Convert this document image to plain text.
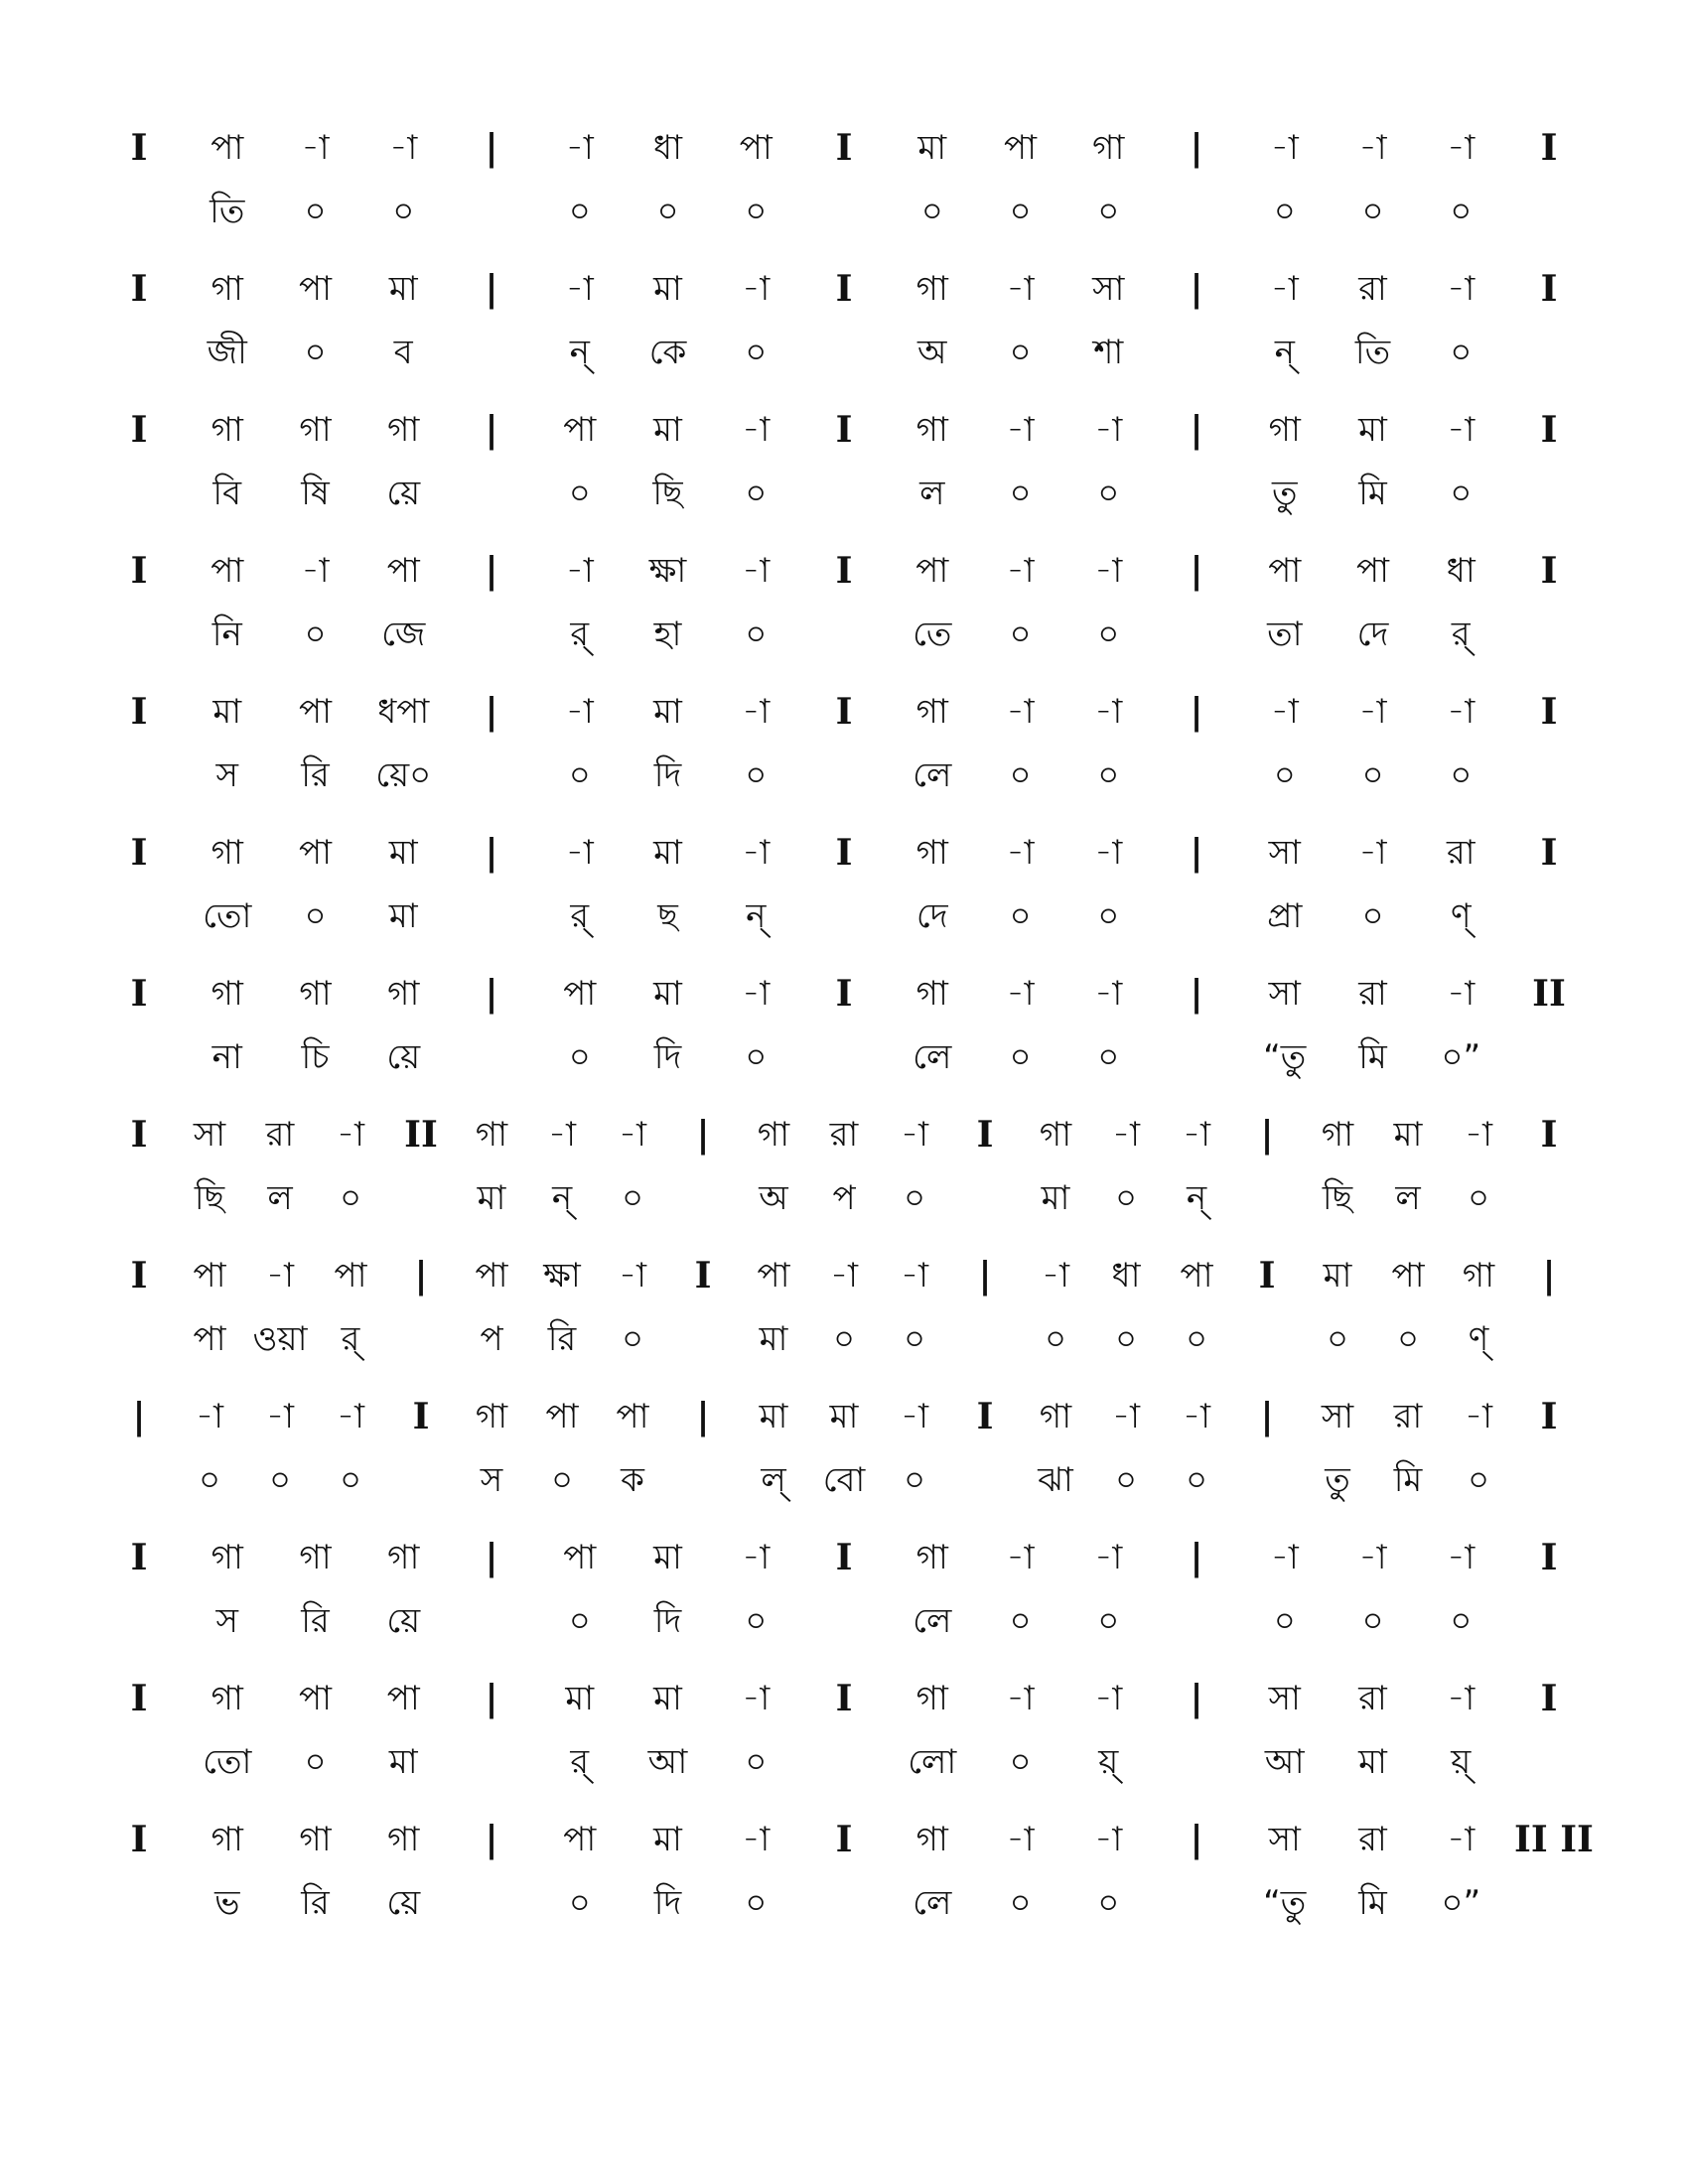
I	পা	-া	-া	|	-া	ধা	পা	I	মা	পা	গা	|	-া	-া	-া	I
তি	০	০	০	০	০	০	০	০	০	০	০
I	গা	পা	মা	|	-া	মা	-া	I	গা	-া	সা	|	-া	রা	-া	I
জী	০	ব	ন্	কে	০	অ	০	শা	ন্	তি	০
I	গা	গা	গা	|	পা	মা	-া	I	গা	-া	-া	|	গা	মা	-া	I
বি	ষি	য়ে	০	ছি	০	ল	০	০	তু	মি	০
I	পা	-া	পা	|	-া	ক্ষা	-া	I	পা	-া	-া	|	পা	পা	ধা	I
নি	০	জে	র্	হা	০	তে	০	০	তা	দে	র্
I	মা	পা	ধপা	|	-া	মা	-া	I	গা	-া	-া	|	-া	-া	-া	I
স	রি	য়ে০	০	দি	০	লে	০	০	০	০	০
I	গা	পা	মা	|	-া	মা	-া	I	গা	-া	-া	|	সা	-া	রা	I
তো	০	মা	র্	ছ	ন্	দে	০	০	প্রা	০	ণ্
I	গা	গা	গা	|	পা	মা	-া	I	গা	-া	-া	|	সা	রা	-া	II
না	চি	য়ে	০	দি	০	লে	০	০	“তু	মি	০”
I	সা	রা	-া	II	গা	-া	-া	|	গা	রা	-া	I	গা	-া	-া	|	গা	মা	-া	I
ছি	ল	০	মা	ন্	০	অ	প	০	মা	০	ন্	ছি	ল	০
I	পা	-া	পা	|	পা	ক্ষা	-া	I	পা	-া	-া	|	-া	ধা	পা	I	মা	পা	গা	|
পা ওয়া	র্	প	রি	০	মা	০	০	০	০	০	০	০	ণ্
|	-া	-া	-া	I	গা	পা	পা	|	মা	মা	-া	I	গা	-া	-া	|	সা	রা	-া	I
০	০	০	স	০	ক	ল্	বো	০	ঝা	০	০	তু	মি	০
I	গা	গা	গা	|	পা	মা	-া	I	গা	-া	-া	|	-া	-া	-া	I
স	রি	য়ে	০	দি	০	লে	০	০	০	০	০
I	গা	পা	পা	|	মা	মা	-া	I	গা	-া	-া	|	সা	রা	-া	I
তো	০	মা	র্	আ	০	লো	০	য়্	আ	মা	য়্
I	গা	গা	গা	|	পা	মা	-া	I	গা	-া	-া	|	সা	রা	-া	II II
ভ	রি	য়ে	০	দি	০	লে	০	০	“তু	মি	০”
